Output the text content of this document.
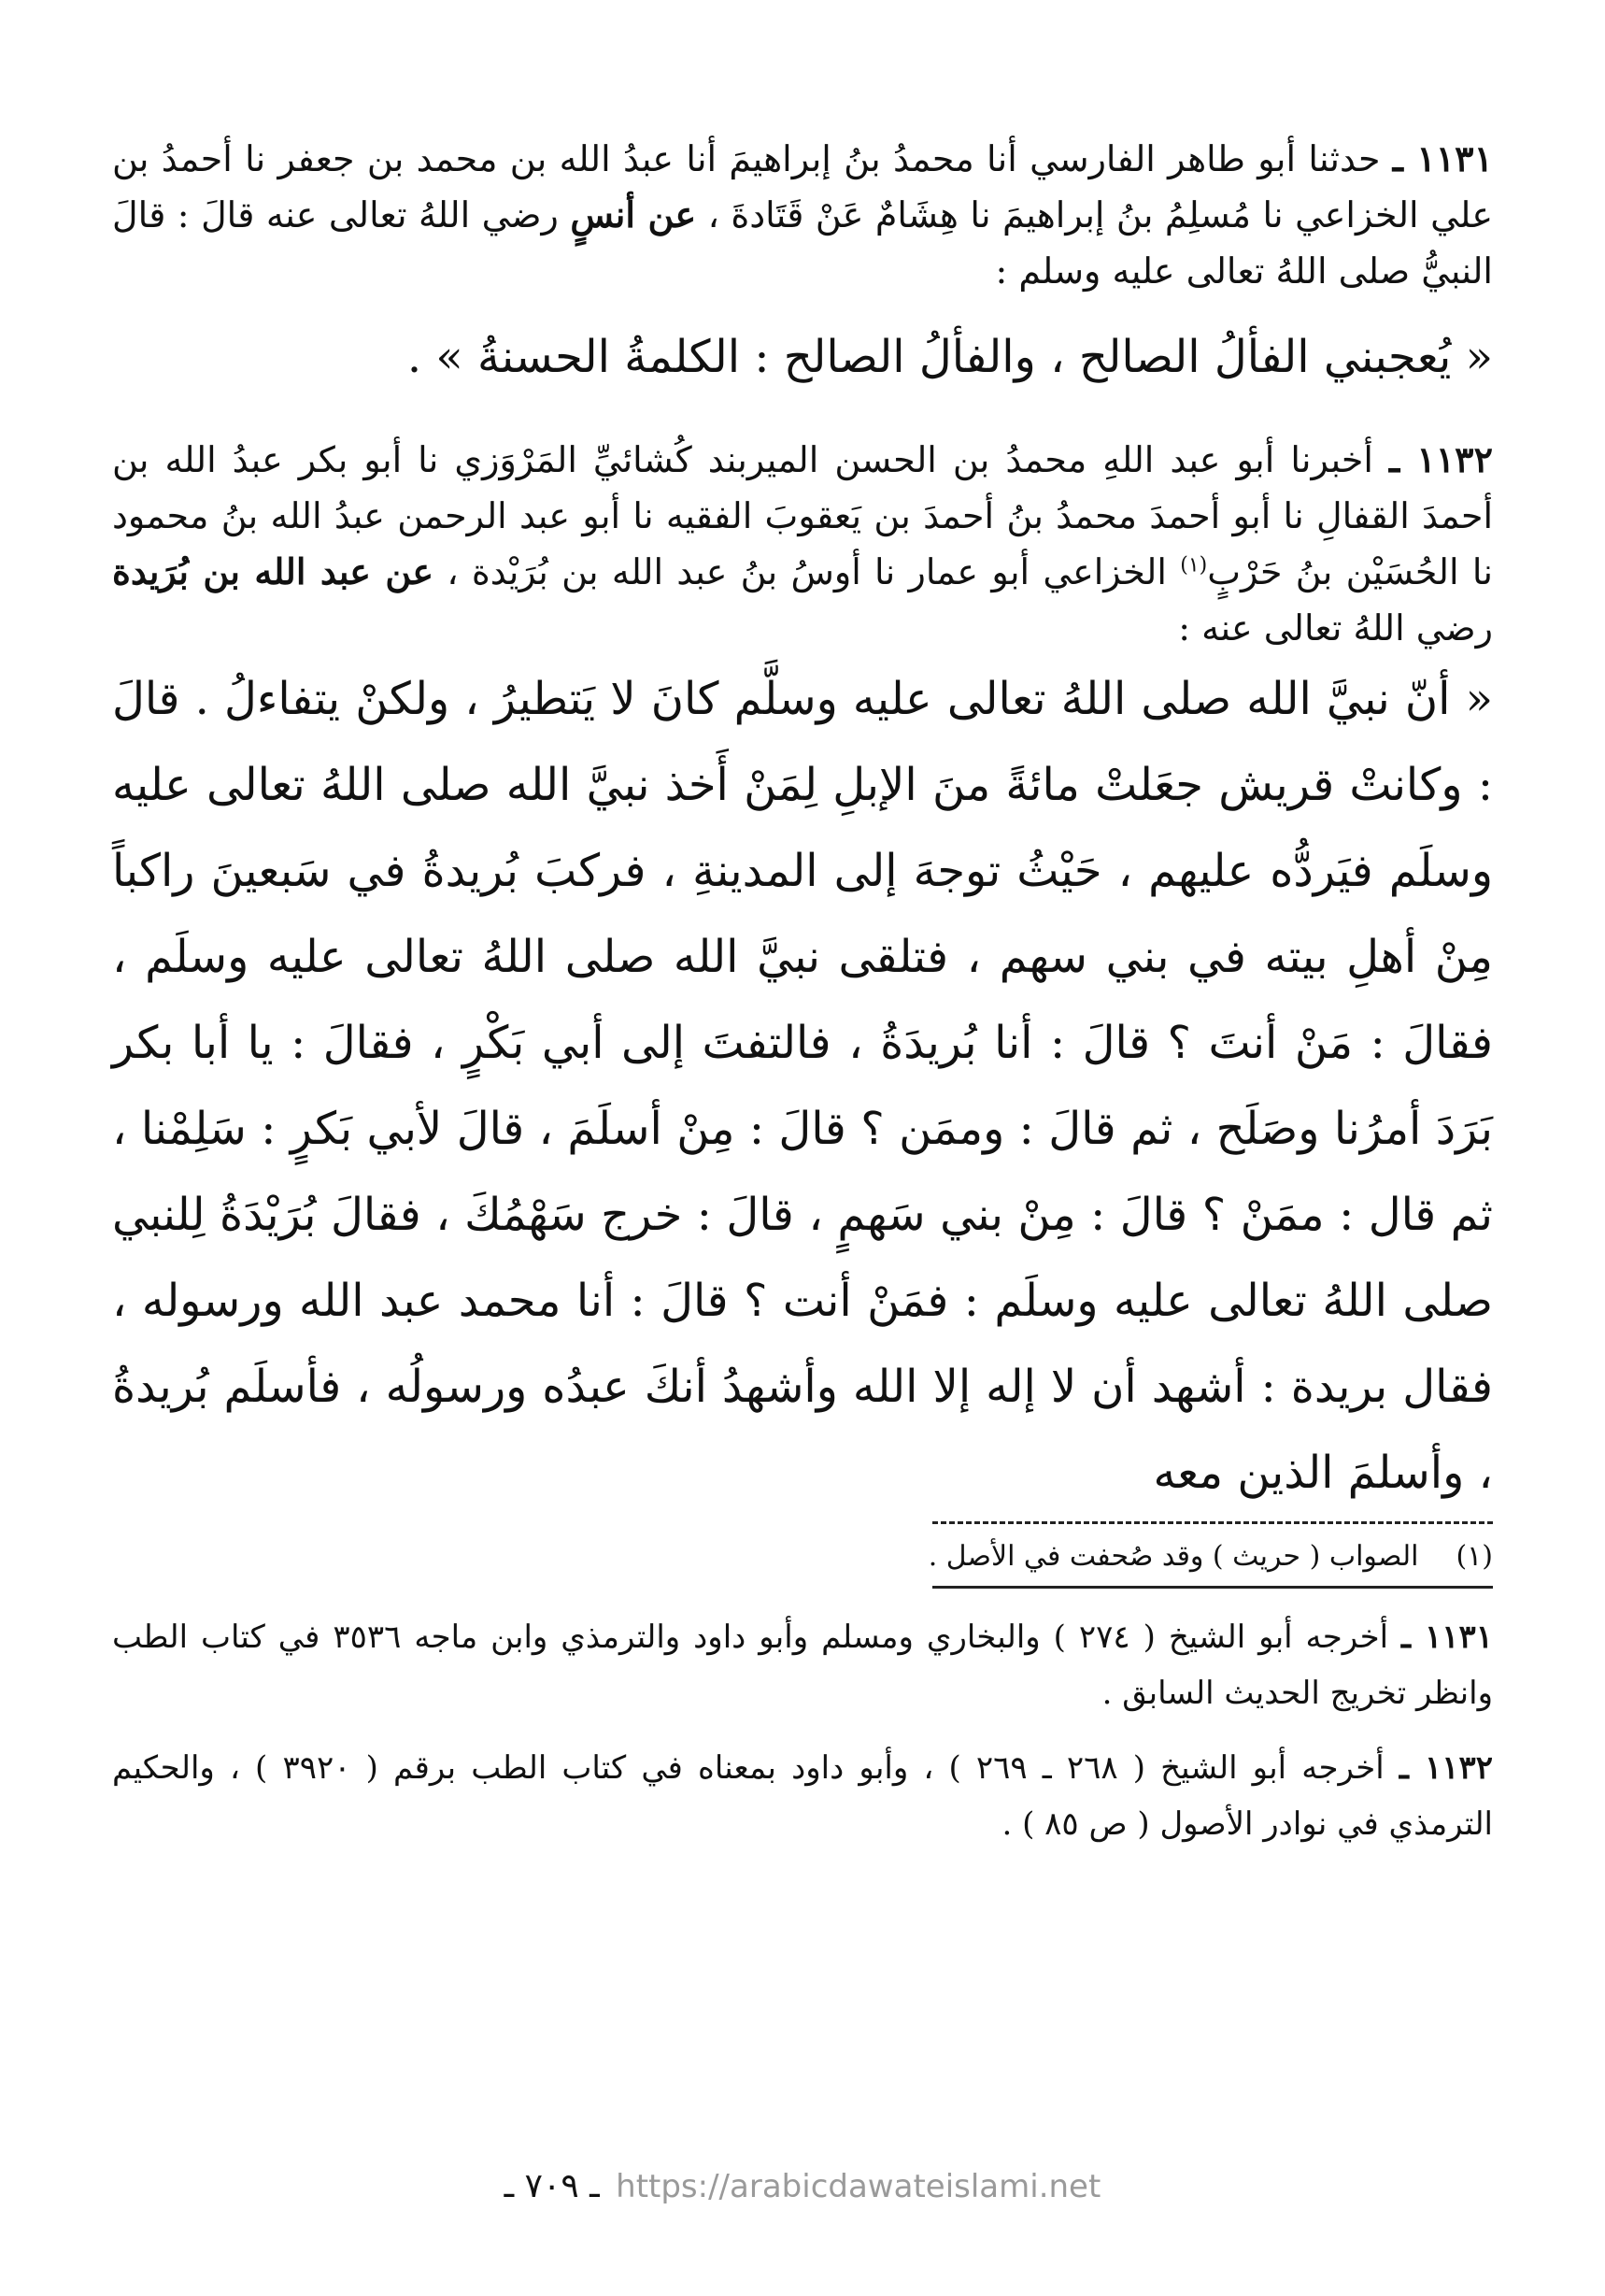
١١٣١ ـ حدثنا أبو طاهر الفارسي أنا محمدُ بنُ إبراهيمَ أنا عبدُ الله بن محمد بن جعفر نا أحمدُ بن علي الخزاعي نا مُسلِمُ بنُ إبراهيمَ نا هِشَامٌ عَنْ قَتَادةَ ، عن أنسٍ رضي اللهُ تعالى عنه قالَ : قالَ النبيُّ صلى اللهُ تعالى عليه وسلم :

« يُعجبني الفألُ الصالح ، والفألُ الصالح : الكلمةُ الحسنةُ » .

١١٣٢ ـ أخبرنا أبو عبد اللهِ محمدُ بن الحسن الميربند كُشائيِّ المَرْوَزي نا أبو بكر عبدُ الله بن أحمدَ القفالِ نا أبو أحمدَ محمدُ بنُ أحمدَ بن يَعقوبَ الفقيه نا أبو عبد الرحمن عبدُ الله بنُ محمود نا الحُسَيْن بنُ حَرْبٍ$^{(١)}$ الخزاعي أبو عمار نا أوسُ بنُ عبد الله بن بُرَيْدة ، عن عبد الله بن بُرَيدة رضي اللهُ تعالى عنه :

« أنّ نبيَّ الله صلى اللهُ تعالى عليه وسلَّم كانَ لا يَتطيرُ ، ولكنْ يتفاءلُ . قالَ : وكانتْ قريش جعَلتْ مائةً منَ الإبلِ لِمَنْ أَخذ نبيَّ الله صلى اللهُ تعالى عليه وسلَم فيَردُّه عليهم ، حَيْثُ توجهَ إلى المدينةِ ، فركبَ بُريدةُ في سَبعينَ راكباً مِنْ أهلِ بيته في بني سهم ، فتلقى نبيَّ الله صلى اللهُ تعالى عليه وسلَم ، فقالَ : مَنْ أنتَ ؟ قالَ : أنا بُريدَةُ ، فالتفتَ إلى أبي بَكْرٍ ، فقالَ : يا أبا بكر بَرَدَ أمرُنا وصَلَح ، ثم قالَ : وممَن ؟ قالَ : مِنْ أسلَمَ ، قالَ لأبي بَكرٍ : سَلِمْنا ، ثم قال : ممَنْ ؟ قالَ : مِنْ بني سَهمٍ ، قالَ : خرج سَهْمُكَ ، فقالَ بُرَيْدَةُ لِلنبي صلى اللهُ تعالى عليه وسلَم : فمَنْ أنت ؟ قالَ : أنا محمد عبد الله ورسوله ، فقال بريدة : أشهد أن لا إله إلا الله وأشهدُ أنكَ عبدُه ورسولُه ، فأسلَم بُريدةُ ، وأسلمَ الذين معه

(١)
الصواب ( حريث ) وقد صُحفت في الأصل .

١١٣١ ـ أخرجه أبو الشيخ ( ٢٧٤ ) والبخاري ومسلم وأبو داود والترمذي وابن ماجه ٣٥٣٦ في كتاب الطب وانظر تخريج الحديث السابق .

١١٣٢ ـ أخرجه أبو الشيخ ( ٢٦٨ ـ ٢٦٩ ) ، وأبو داود بمعناه في كتاب الطب برقم ( ٣٩٢٠ ) ، والحكيم الترمذي في نوادر الأصول ( ص ٨٥ ) .

ـ ٧٠٩ ـ https://arabicdawateislami.net
